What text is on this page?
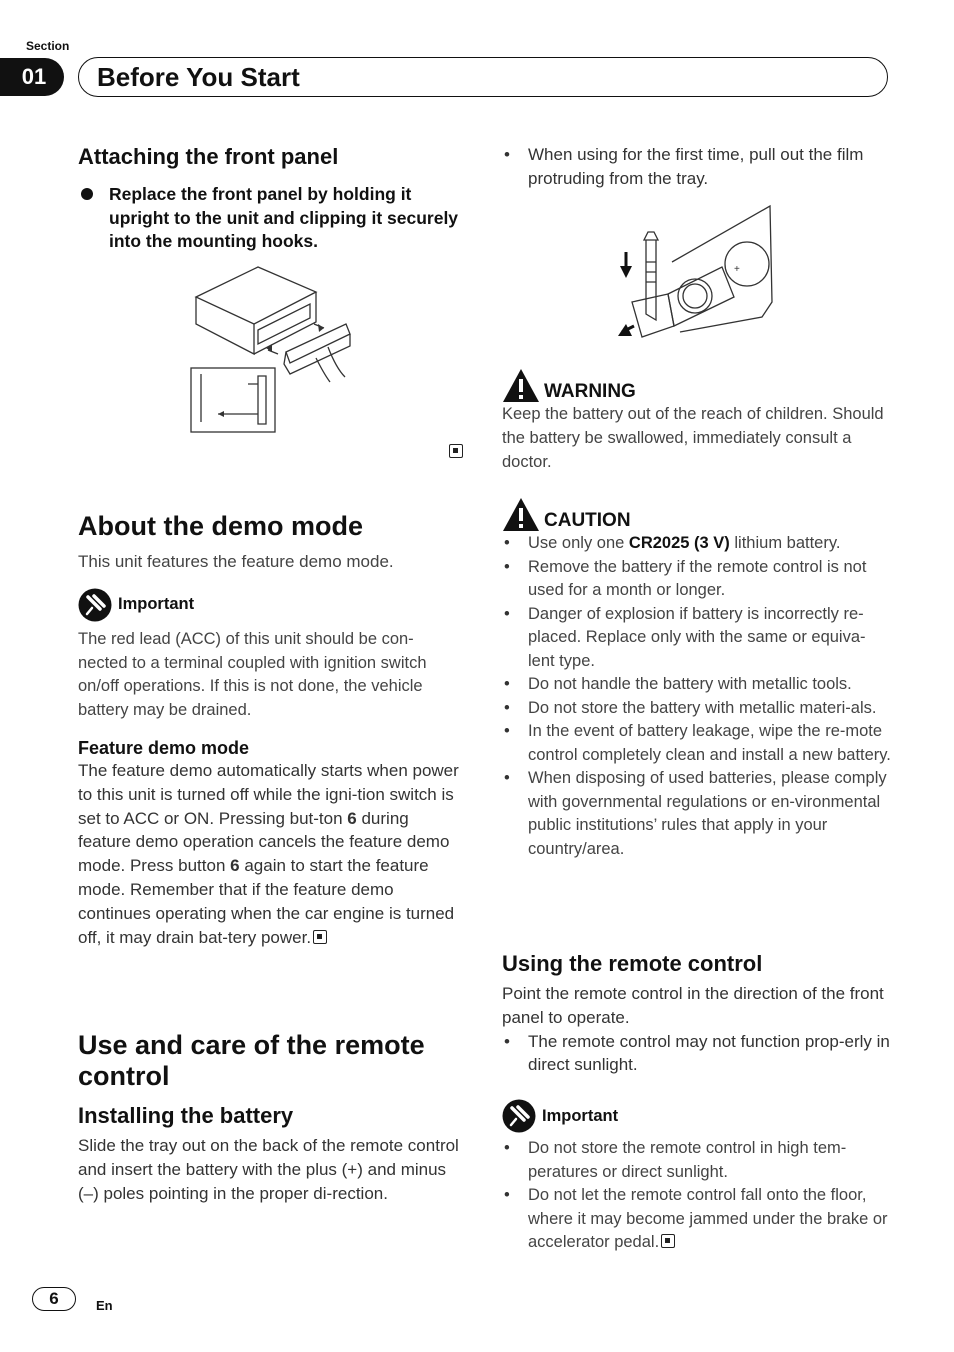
Section
01	Before You Start
Attaching the front panel
Replace the front panel by holding it upright to the unit and clipping it securely into the mounting hooks.
About the demo mode

This unit features the feature demo mode.

Important

The red lead (ACC) of this unit should be con-nected to a terminal coupled with ignition switch on/off operations. If this is not done, the vehicle battery may be drained.

Feature demo mode

The feature demo automatically starts when power to this unit is turned off while the igni-tion switch is set to ACC or ON. Pressing but-ton 6 during feature demo operation cancels the feature demo mode. Press button 6 again to start the feature mode. Remember that if the feature demo continues operating when the car engine is turned off, it may drain bat-tery power.

Use and care of the remote control
Installing the battery

Slide the tray out on the back of the remote control and insert the battery with the plus (+) and minus (–) poles pointing in the proper di-rection.

• When using for the first time, pull out the film protruding from the tray.
+
WARNING

Keep the battery out of the reach of children. Should the battery be swallowed, immediately consult a doctor.

CAUTION
• Use only one CR2025 (3 V) lithium battery.
• Remove the battery if the remote control is not used for a month or longer.
• Danger of explosion if battery is incorrectly re-placed. Replace only with the same or equiva-lent type.
• Do not handle the battery with metallic tools.
• Do not store the battery with metallic materi-als.
• In the event of battery leakage, wipe the re-mote control completely clean and install a new battery.
• When disposing of used batteries, please comply with governmental regulations or en-vironmental public institutions’ rules that apply in your country/area.
Using the remote control

Point the remote control in the direction of the front panel to operate.

• The remote control may not function prop-erly in direct sunlight.
Important
• Do not store the remote control in high tem-peratures or direct sunlight.
• Do not let the remote control fall onto the floor, where it may become jammed under the brake or accelerator pedal.
6	En
